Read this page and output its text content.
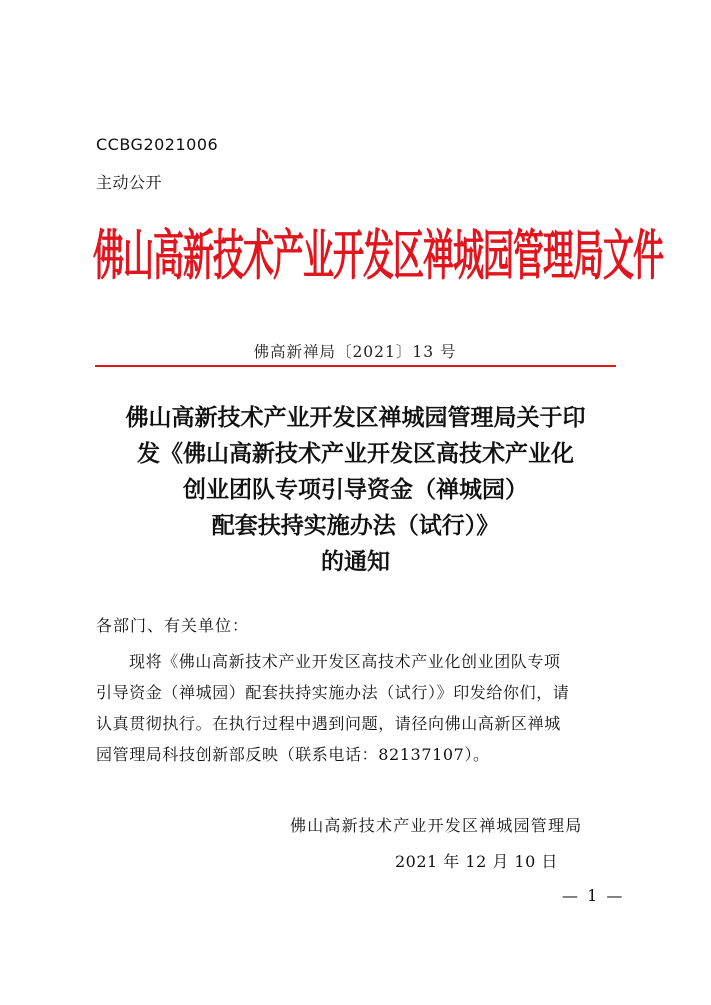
CCBG2021006
主动公开
佛山高新技术产业开发区禅城园管理局文件
佛高新禅局〔2021〕13 号
佛山高新技术产业开发区禅城园管理局关于印
发《佛山高新技术产业开发区高技术产业化
创业团队专项引导资金（禅城园）
配套扶持实施办法（试行）》
的通知
各部门、有关单位：
现将《佛山高新技术产业开发区高技术产业化创业团队专项
引导资金（禅城园）配套扶持实施办法（试行）》印发给你们，请
认真贯彻执行。在执行过程中遇到问题，请径向佛山高新区禅城
园管理局科技创新部反映（联系电话：82137107）。
佛山高新技术产业开发区禅城园管理局
2021 年 12 月 10 日
— 1 —
